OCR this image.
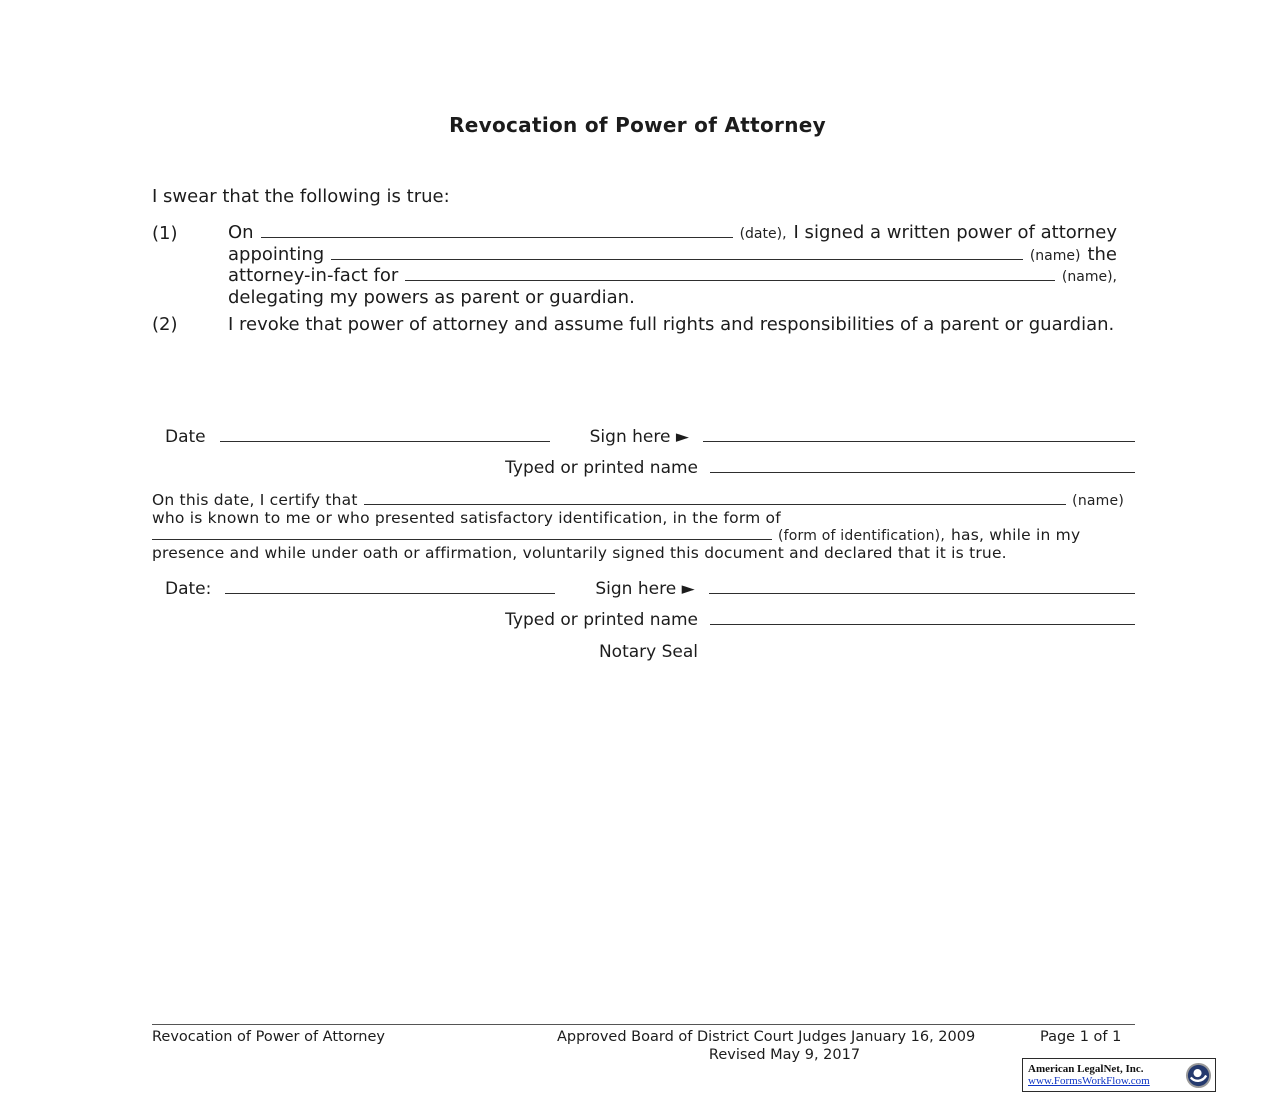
Revocation of Power of Attorney
I swear that the following is true:
(1)	On	(date), I signed a written power of attorney
appointing	(name) the
attorney-in-fact for	(name),
delegating my powers as parent or guardian.
(2)	I revoke that power of attorney and assume full rights and responsibilities of a parent or guardian.
Date	Sign here ►
Typed or printed name
On this date, I certify that	(name)
who is known to me or who presented satisfactory identification, in the form of
(form of identification), has, while in my
presence and while under oath or affirmation, voluntarily signed this document and declared that it is true.
Date:	Sign here ►
Typed or printed name
Notary Seal
Revocation of Power of Attorney	Approved Board of District Court Judges January 16, 2009
Revised May 9, 2017
Page 1 of 1
American LegalNet, Inc.
www.FormsWorkFlow.com
